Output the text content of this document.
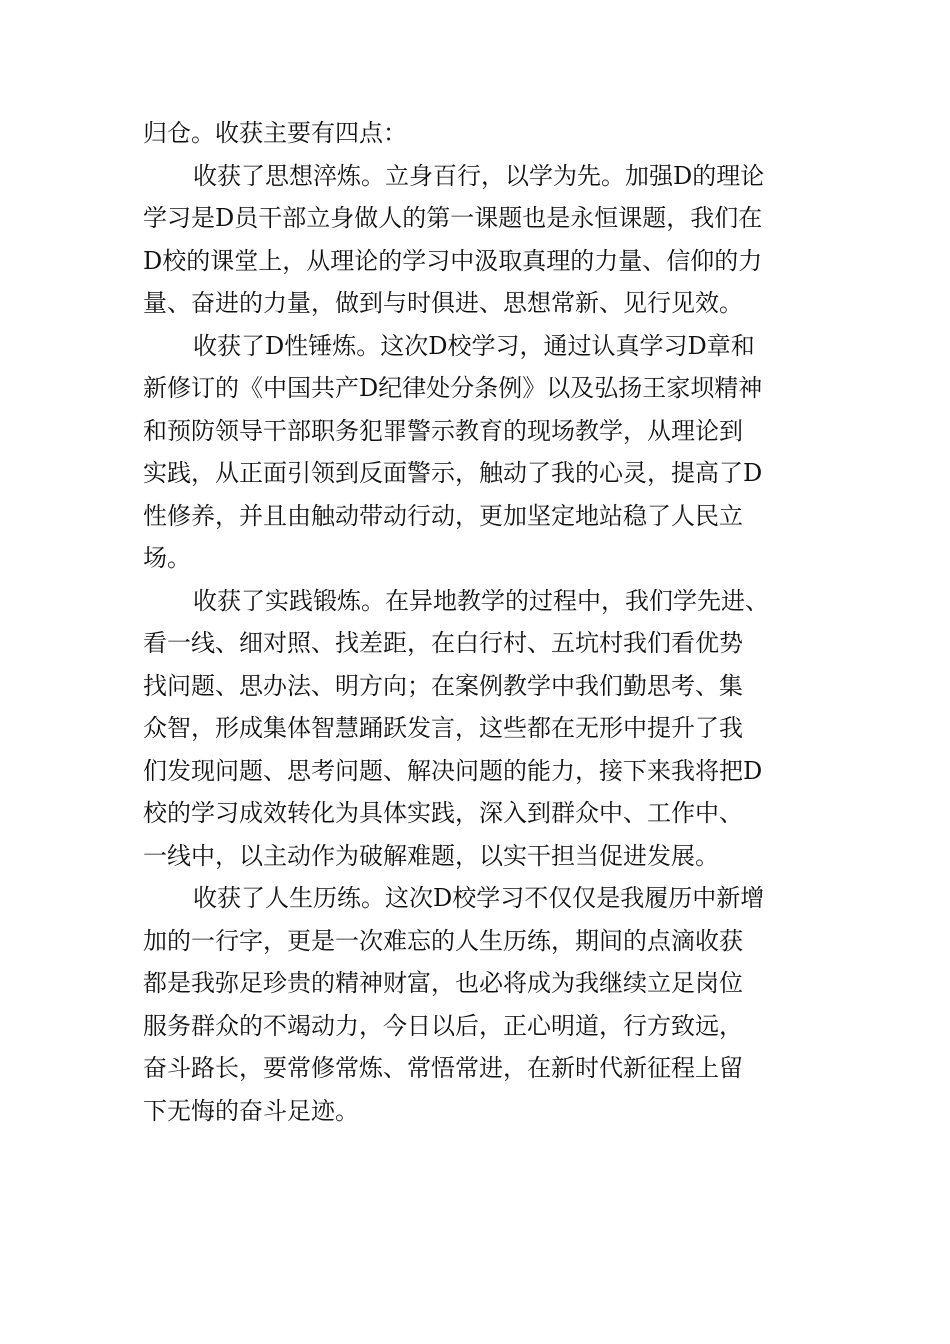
归仓。收获主要有四点：
收获了思想淬炼。立身百行，以学为先。加强D的理论
学习是D员干部立身做人的第一课题也是永恒课题，我们在
D校的课堂上，从理论的学习中汲取真理的力量、信仰的力
量、奋进的力量，做到与时俱进、思想常新、见行见效。
收获了D性锤炼。这次D校学习，通过认真学习D章和
新修订的《中国共产D纪律处分条例》以及弘扬王家坝精神
和预防领导干部职务犯罪警示教育的现场教学，从理论到
实践，从正面引领到反面警示，触动了我的心灵，提高了D
性修养，并且由触动带动行动，更加坚定地站稳了人民立
场。
收获了实践锻炼。在异地教学的过程中，我们学先进、
看一线、细对照、找差距，在白行村、五坑村我们看优势
找问题、思办法、明方向；在案例教学中我们勤思考、集
众智，形成集体智慧踊跃发言，这些都在无形中提升了我
们发现问题、思考问题、解决问题的能力，接下来我将把D
校的学习成效转化为具体实践，深入到群众中、工作中、
一线中，以主动作为破解难题，以实干担当促进发展。
收获了人生历练。这次D校学习不仅仅是我履历中新增
加的一行字，更是一次难忘的人生历练，期间的点滴收获
都是我弥足珍贵的精神财富，也必将成为我继续立足岗位
服务群众的不竭动力，今日以后，正心明道，行方致远，
奋斗路长，要常修常炼、常悟常进，在新时代新征程上留
下无悔的奋斗足迹。
